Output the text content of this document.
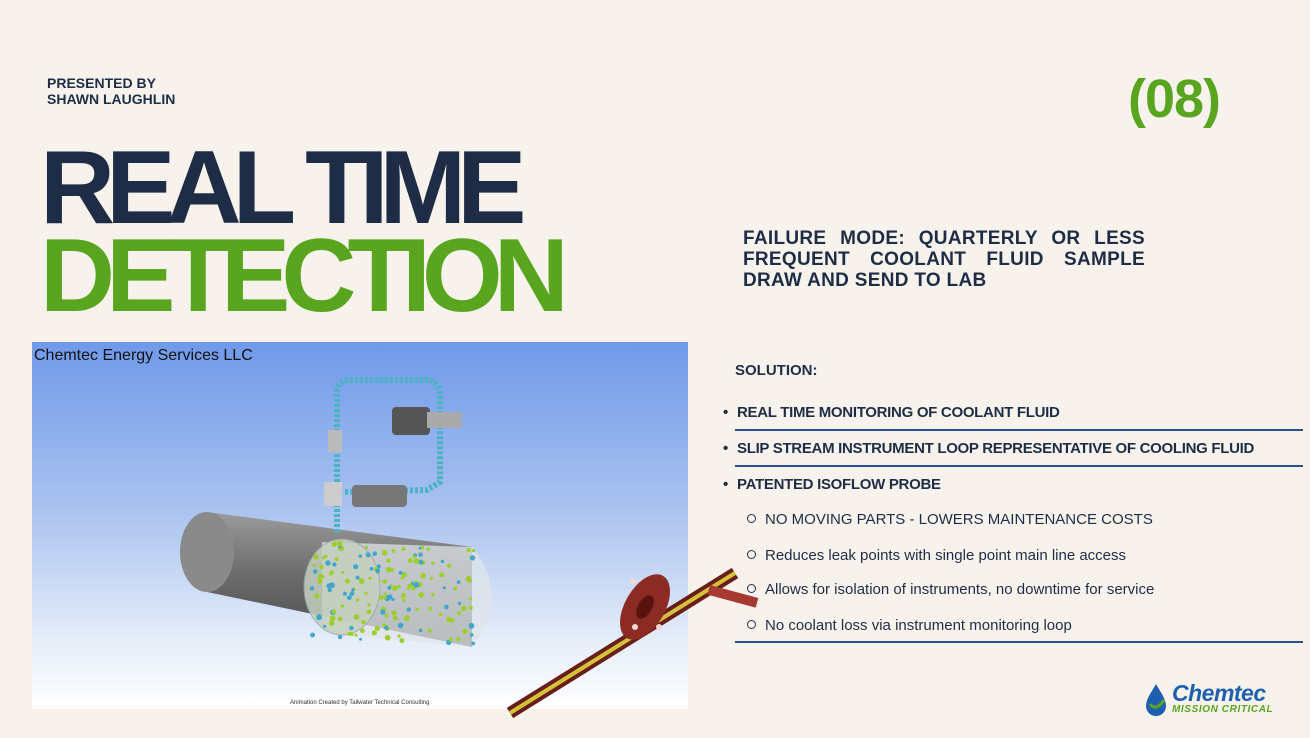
PRESENTED BY
SHAWN LAUGHLIN	(08)
REAL TIME
DETECTION	FAILURE MODE: QUARTERLY OR LESS FREQUENT COOLANT FLUID SAMPLE DRAW AND SEND TO LAB
Chemtec Energy Services LLC
Animation Created by Tailwater Technical Consulting
SOLUTION:
• REAL TIME MONITORING OF COOLANT FLUID
• SLIP STREAM INSTRUMENT LOOP REPRESENTATIVE OF COOLING FLUID
• PATENTED ISOFLOW PROBE
NO MOVING PARTS - LOWERS MAINTENANCE COSTS
Reduces leak points with single point main line access
Allows for isolation of instruments, no downtime for service
No coolant loss via instrument monitoring loop
Chemtec
MISSION CRITICAL
